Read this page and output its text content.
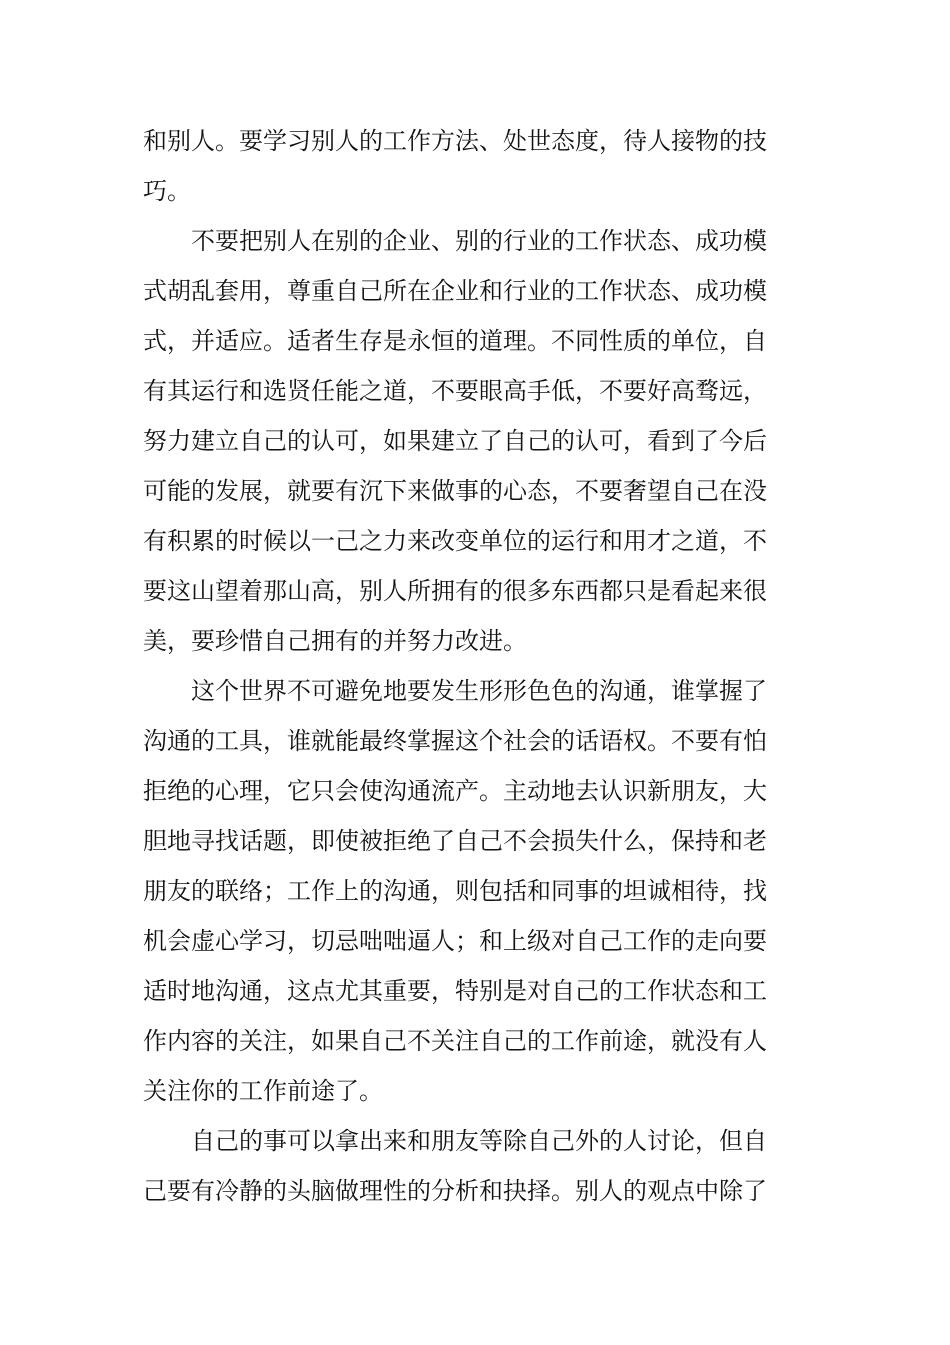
和别人。要学习别人的工作方法、处世态度，待人接物的技
巧。
不要把别人在别的企业、别的行业的工作状态、成功模
式胡乱套用，尊重自己所在企业和行业的工作状态、成功模
式，并适应。适者生存是永恒的道理。不同性质的单位，自
有其运行和选贤任能之道，不要眼高手低，不要好高骛远，
努力建立自己的认可，如果建立了自己的认可，看到了今后
可能的发展，就要有沉下来做事的心态，不要奢望自己在没
有积累的时候以一己之力来改变单位的运行和用才之道，不
要这山望着那山高，别人所拥有的很多东西都只是看起来很
美，要珍惜自己拥有的并努力改进。
这个世界不可避免地要发生形形色色的沟通，谁掌握了
沟通的工具，谁就能最终掌握这个社会的话语权。不要有怕
拒绝的心理，它只会使沟通流产。主动地去认识新朋友，大
胆地寻找话题，即使被拒绝了自己不会损失什么，保持和老
朋友的联络；工作上的沟通，则包括和同事的坦诚相待，找
机会虚心学习，切忌咄咄逼人；和上级对自己工作的走向要
适时地沟通，这点尤其重要，特别是对自己的工作状态和工
作内容的关注，如果自己不关注自己的工作前途，就没有人
关注你的工作前途了。
自己的事可以拿出来和朋友等除自己外的人讨论，但自
己要有冷静的头脑做理性的分析和抉择。别人的观点中除了
